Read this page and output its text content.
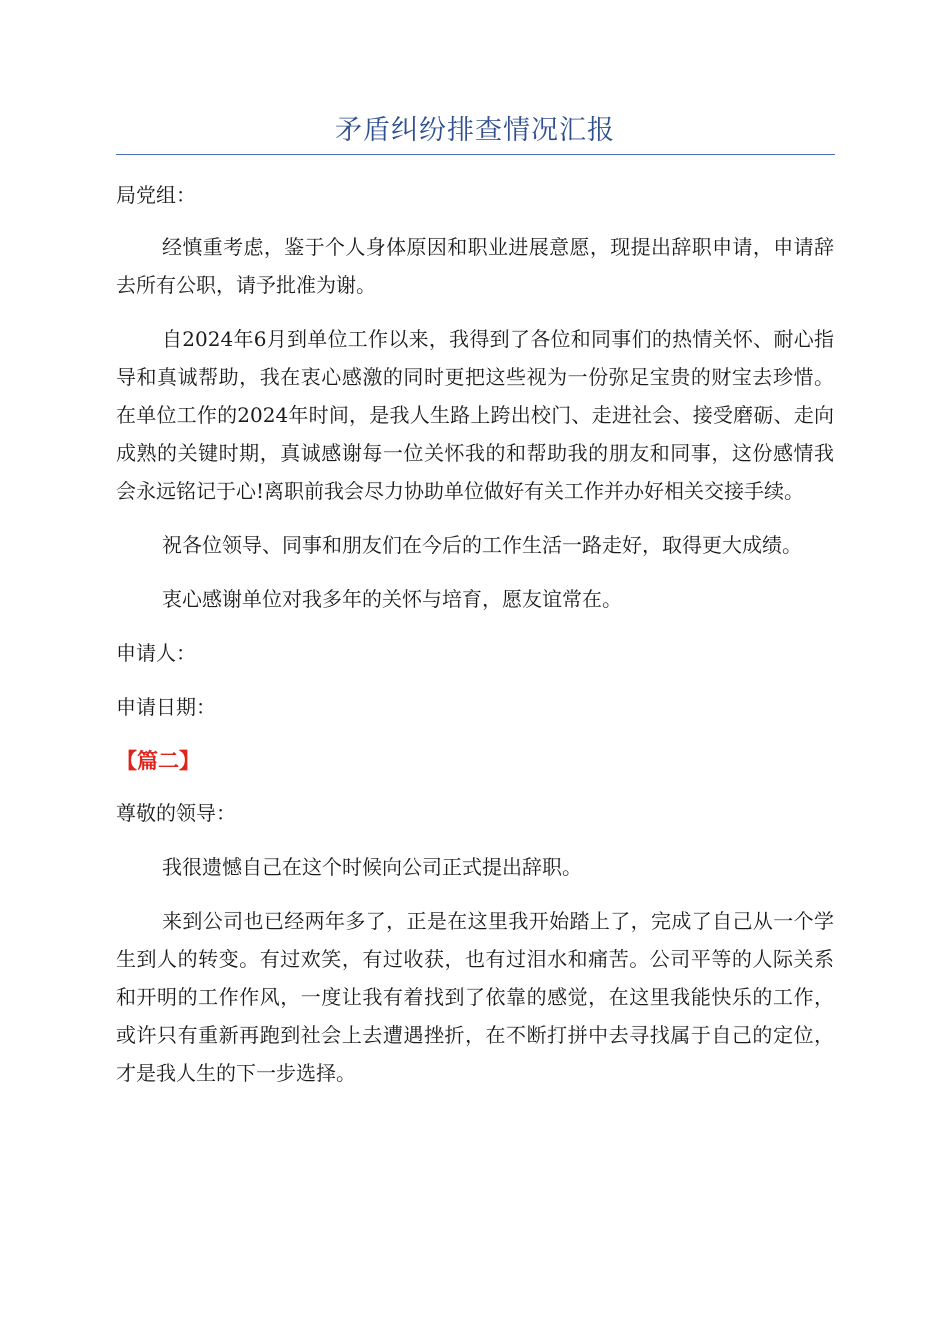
矛盾纠纷排查情况汇报

局党组：

经慎重考虑，鉴于个人身体原因和职业进展意愿，现提出辞职申请，申请辞去所有公职，请予批准为谢。

自2024年6月到单位工作以来，我得到了各位和同事们的热情关怀、耐心指导和真诚帮助，我在衷心感激的同时更把这些视为一份弥足宝贵的财宝去珍惜。在单位工作的2024年时间，是我人生路上跨出校门、走进社会、接受磨砺、走向成熟的关键时期，真诚感谢每一位关怀我的和帮助我的朋友和同事，这份感情我会永远铭记于心!离职前我会尽力协助单位做好有关工作并办好相关交接手续。

祝各位领导、同事和朋友们在今后的工作生活一路走好，取得更大成绩。

衷心感谢单位对我多年的关怀与培育，愿友谊常在。

申请人：

申请日期：

【篇二】

尊敬的领导：

我很遗憾自己在这个时候向公司正式提出辞职。

来到公司也已经两年多了，正是在这里我开始踏上了，完成了自己从一个学生到人的转变。有过欢笑，有过收获，也有过泪水和痛苦。公司平等的人际关系和开明的工作作风，一度让我有着找到了依靠的感觉，在这里我能快乐的工作，或许只有重新再跑到社会上去遭遇挫折，在不断打拼中去寻找属于自己的定位，才是我人生的下一步选择。
